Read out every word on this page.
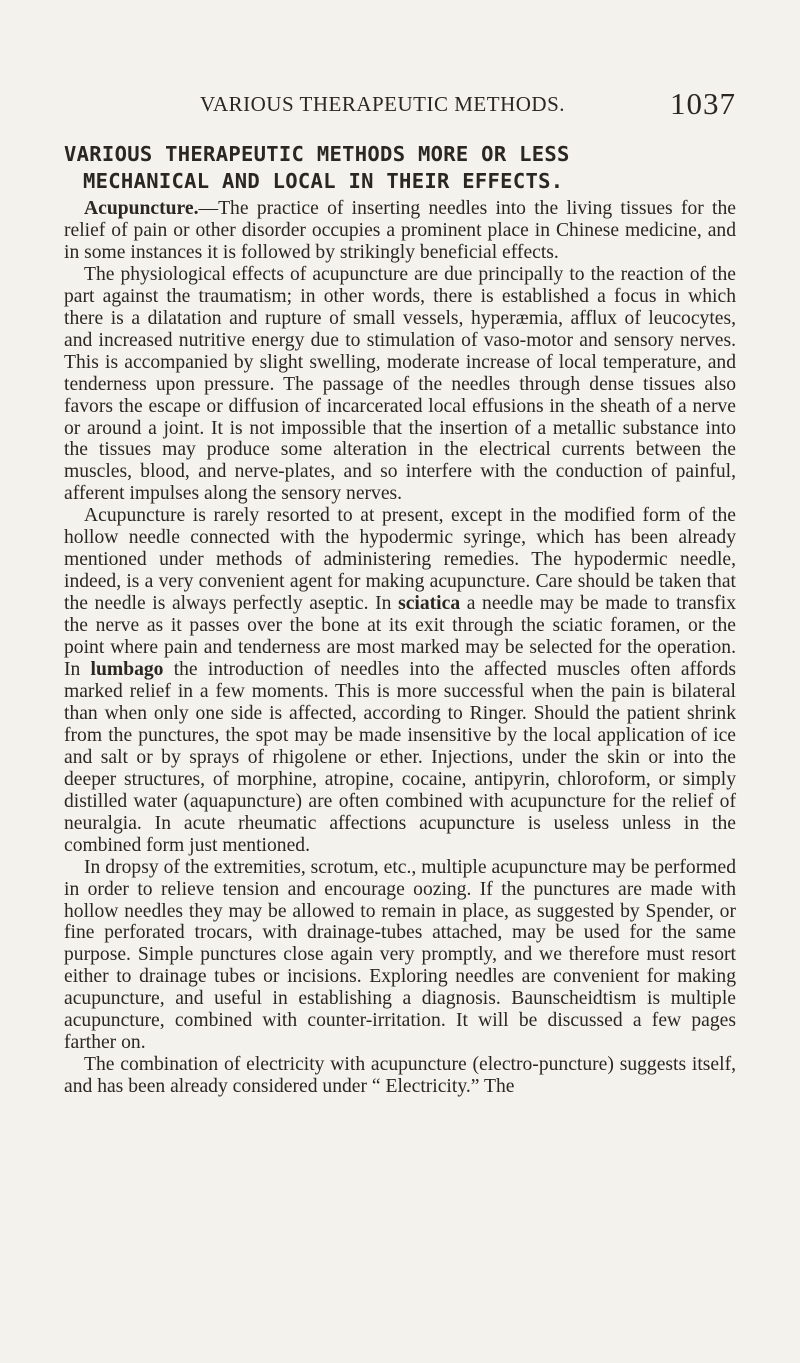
VARIOUS THERAPEUTIC METHODS.	1037
VARIOUS THERAPEUTIC METHODS MORE OR LESS
MECHANICAL AND LOCAL IN THEIR EFFECTS.

Acupuncture.—The practice of inserting needles into the living tissues for the relief of pain or other disorder occupies a prominent place in Chinese medicine, and in some instances it is followed by strikingly beneficial effects.

The physiological effects of acupuncture are due principally to the reaction of the part against the traumatism; in other words, there is established a focus in which there is a dilatation and rupture of small vessels, hyperæmia, afflux of leucocytes, and increased nutritive energy due to stimulation of vaso-motor and sensory nerves. This is accompanied by slight swelling, moderate increase of local temperature, and tenderness upon pressure. The passage of the needles through dense tissues also favors the escape or diffusion of incarcerated local effusions in the sheath of a nerve or around a joint. It is not impossible that the insertion of a metallic substance into the tissues may produce some alteration in the electrical currents between the muscles, blood, and nerve-plates, and so interfere with the conduction of painful, afferent impulses along the sensory nerves.

Acupuncture is rarely resorted to at present, except in the modified form of the hollow needle connected with the hypodermic syringe, which has been already mentioned under methods of administering remedies. The hypodermic needle, indeed, is a very convenient agent for making acupuncture. Care should be taken that the needle is always perfectly aseptic. In sciatica a needle may be made to transfix the nerve as it passes over the bone at its exit through the sciatic foramen, or the point where pain and tenderness are most marked may be selected for the operation. In lumbago the introduction of needles into the affected muscles often affords marked relief in a few moments. This is more successful when the pain is bilateral than when only one side is affected, according to Ringer. Should the patient shrink from the punctures, the spot may be made insensitive by the local application of ice and salt or by sprays of rhigolene or ether. Injections, under the skin or into the deeper structures, of morphine, atropine, cocaine, antipyrin, chloroform, or simply distilled water (aquapuncture) are often combined with acupuncture for the relief of neuralgia. In acute rheumatic affections acupuncture is useless unless in the combined form just mentioned.

In dropsy of the extremities, scrotum, etc., multiple acupuncture may be performed in order to relieve tension and encourage oozing. If the punctures are made with hollow needles they may be allowed to remain in place, as suggested by Spender, or fine perforated trocars, with drainage-tubes attached, may be used for the same purpose. Simple punctures close again very promptly, and we therefore must resort either to drainage tubes or incisions. Exploring needles are convenient for making acupuncture, and useful in establishing a diagnosis. Baunscheidtism is multiple acupuncture, combined with counter-irritation. It will be discussed a few pages farther on.

The combination of electricity with acupuncture (electro-puncture) suggests itself, and has been already considered under “ Electricity.” The
